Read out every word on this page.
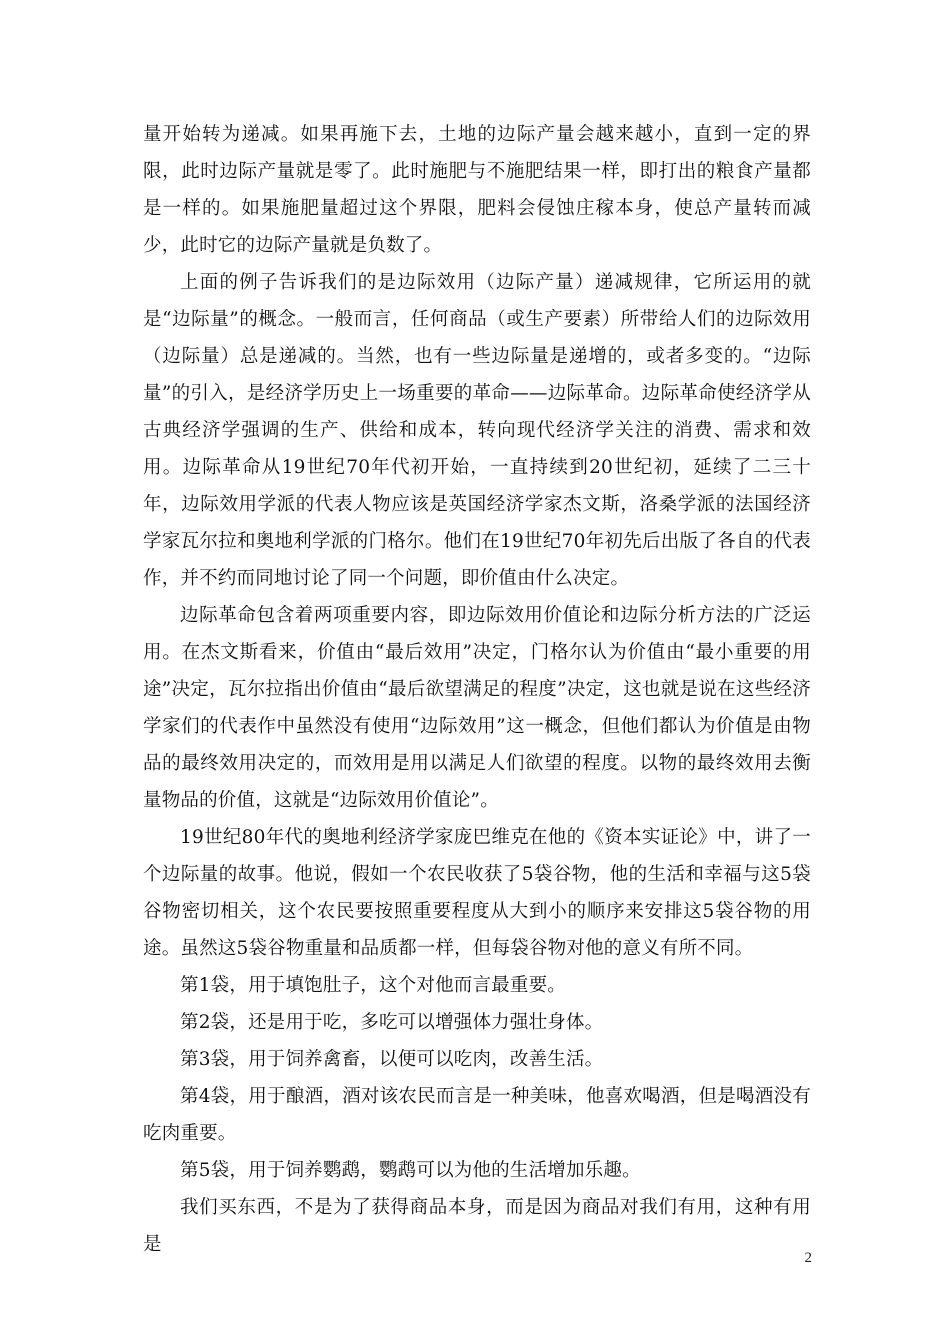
量开始转为递减。如果再施下去，土地的边际产量会越来越小，直到一定的界限，此时边际产量就是零了。此时施肥与不施肥结果一样，即打出的粮食产量都是一样的。如果施肥量超过这个界限，肥料会侵蚀庄稼本身，使总产量转而减少，此时它的边际产量就是负数了。

上面的例子告诉我们的是边际效用（边际产量）递减规律，它所运用的就是“边际量”的概念。一般而言，任何商品（或生产要素）所带给人们的边际效用（边际量）总是递减的。当然，也有一些边际量是递增的，或者多变的。“边际量”的引入，是经济学历史上一场重要的革命——边际革命。边际革命使经济学从古典经济学强调的生产、供给和成本，转向现代经济学关注的消费、需求和效用。边际革命从19世纪70年代初开始，一直持续到20世纪初，延续了二三十年，边际效用学派的代表人物应该是英国经济学家杰文斯，洛桑学派的法国经济学家瓦尔拉和奥地利学派的门格尔。他们在19世纪70年初先后出版了各自的代表作，并不约而同地讨论了同一个问题，即价值由什么决定。

边际革命包含着两项重要内容，即边际效用价值论和边际分析方法的广泛运用。在杰文斯看来，价值由“最后效用”决定，门格尔认为价值由“最小重要的用途”决定，瓦尔拉指出价值由“最后欲望满足的程度”决定，这也就是说在这些经济学家们的代表作中虽然没有使用“边际效用”这一概念，但他们都认为价值是由物品的最终效用决定的，而效用是用以满足人们欲望的程度。以物的最终效用去衡量物品的价值，这就是“边际效用价值论”。

19世纪80年代的奥地利经济学家庞巴维克在他的《资本实证论》中，讲了一个边际量的故事。他说，假如一个农民收获了5袋谷物，他的生活和幸福与这5袋谷物密切相关，这个农民要按照重要程度从大到小的顺序来安排这5袋谷物的用途。虽然这5袋谷物重量和品质都一样，但每袋谷物对他的意义有所不同。

第1袋，用于填饱肚子，这个对他而言最重要。

第2袋，还是用于吃，多吃可以增强体力强壮身体。

第3袋，用于饲养禽畜，以便可以吃肉，改善生活。

第4袋，用于酿酒，酒对该农民而言是一种美味，他喜欢喝酒，但是喝酒没有吃肉重要。

第5袋，用于饲养鹦鹉，鹦鹉可以为他的生活增加乐趣。

我们买东西，不是为了获得商品本身，而是因为商品对我们有用，这种有用是

2
